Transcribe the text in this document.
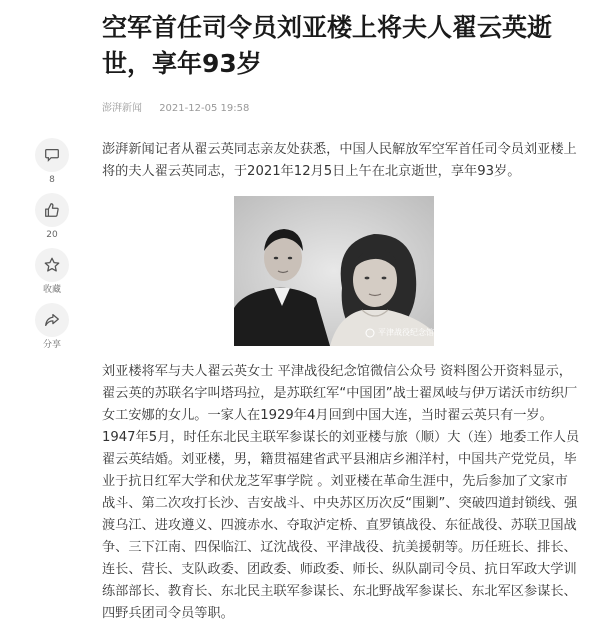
空军首任司令员刘亚楼上将夫人翟云英逝世，享年93岁
澎湃新闻 2021-12-05 19:58
8
20
收藏
分享

澎湃新闻记者从翟云英同志亲友处获悉，中国人民解放军空军首任司令员刘亚楼上将的夫人翟云英同志，于2021年12月5日上午在北京逝世，享年93岁。

平津战役纪念馆

刘亚楼将军与夫人翟云英女士 平津战役纪念馆微信公众号 资料图公开资料显示，翟云英的苏联名字叫塔玛拉，是苏联红军“中国团”战士翟凤岐与伊万诺沃市纺织厂女工安娜的女儿。一家人在1929年4月回到中国大连，当时翟云英只有一岁。1947年5月，时任东北民主联军参谋长的刘亚楼与旅（顺）大（连）地委工作人员翟云英结婚。刘亚楼，男，籍贯福建省武平县湘店乡湘洋村，中国共产党党员，毕业于抗日红军大学和伏龙芝军事学院 。刘亚楼在革命生涯中，先后参加了文家市战斗、第二次攻打长沙、吉安战斗、中央苏区历次反“围剿”、突破四道封锁线、强渡乌江、进攻遵义、四渡赤水、夺取泸定桥、直罗镇战役、东征战役、苏联卫国战争、三下江南、四保临江、辽沈战役、平津战役、抗美援朝等。历任班长、排长、连长、营长、支队政委、团政委、师政委、师长、纵队副司令员、抗日军政大学训练部部长、教育长、东北民主联军参谋长、东北野战军参谋长、东北军区参谋长、四野兵团司令员等职。
